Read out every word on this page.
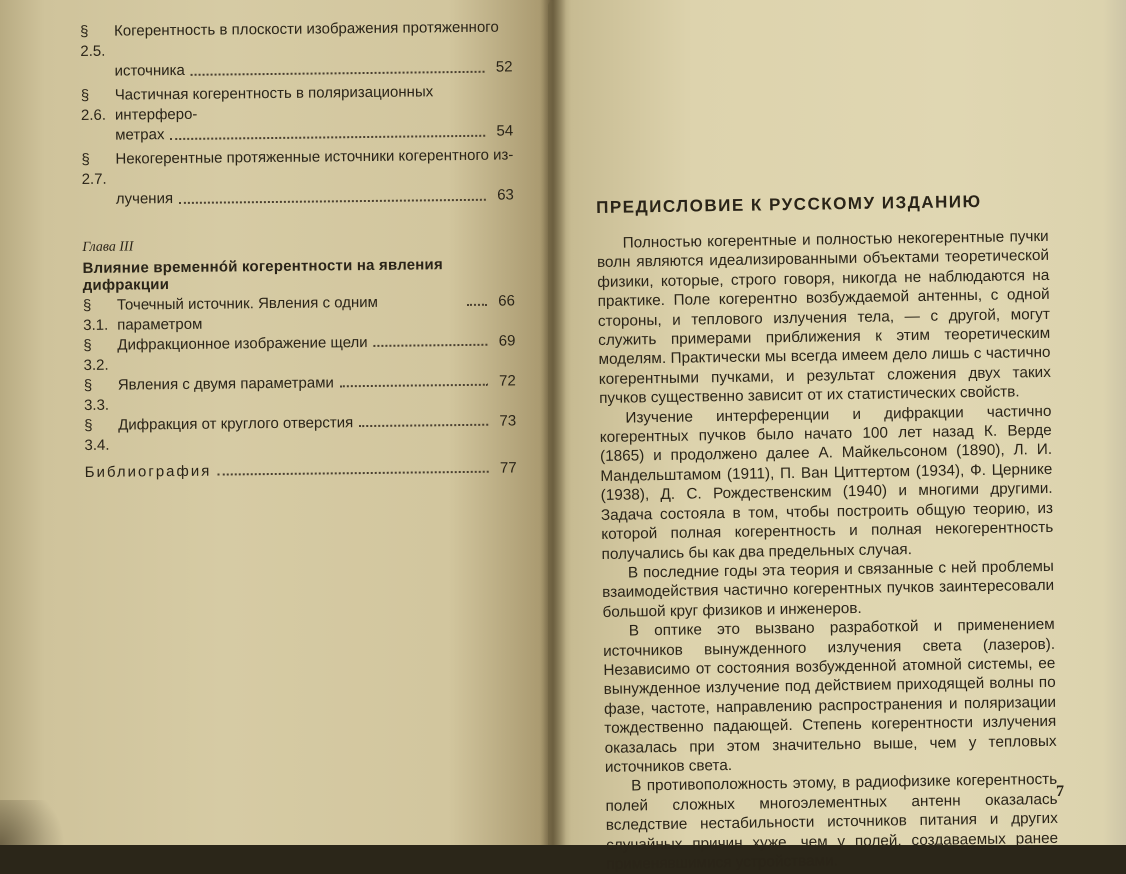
§ 2.5.
Когерентность в плоскости изображения протяженного
источника	52
§ 2.6.
Частичная когерентность в поляризационных интерферо-
метрах	54
§ 2.7.
Некогерентные протяженные источники когерентного из-
лучения	63
Глава III
Влияние временнóй когерентности на явления дифракции
§ 3.1.
Точечный источник. Явления с одним параметром
66
§ 3.2.
Дифракционное изображение щели	69
§ 3.3.
Явления с двумя параметрами	72
§ 3.4.
Дифракция от круглого отверстия	73
Библиография	77
ПРЕДИСЛОВИЕ К РУССКОМУ ИЗДАНИЮ

Полностью когерентные и полностью некогерентные пучки волн являются идеализированными объектами теоретической физики, которые, строго говоря, никогда не наблюдаются на практике. Поле когерентно возбуждаемой антенны, с одной стороны, и теплового излучения тела, — с другой, могут служить примерами приближения к этим теоретическим моделям. Практически мы всегда имеем дело лишь с частично когерентными пучками, и результат сложения двух таких пучков существенно зависит от их статистических свойств.

Изучение интерференции и дифракции частично когерентных пучков было начато 100 лет назад К. Верде (1865) и продолжено далее А. Майкельсоном (1890), Л. И. Мандельштамом (1911), П. Ван Циттертом (1934), Ф. Цернике (1938), Д. С. Рождественским (1940) и многими другими. Задача состояла в том, чтобы построить общую теорию, из которой полная когерентность и полная некогерентность получались бы как два предельных случая.

В последние годы эта теория и связанные с ней проблемы взаимодействия частично когерентных пучков заинтересовали большой круг физиков и инженеров.

В оптике это вызвано разработкой и применением источников вынужденного излучения света (лазеров). Независимо от состояния возбужденной атомной системы, ее вынужденное излучение под действием приходящей волны по фазе, частоте, направлению распространения и поляризации тождественно падающей. Степень когерентности излучения оказалась при этом значительно выше, чем у тепловых источников света.

В противоположность этому, в радиофизике когерентность полей сложных многоэлементных антенн оказалась вследствие нестабильности источников питания и других случайных причин хуже, чем у полей, создаваемых ранее применявшимися устройствами.

7
